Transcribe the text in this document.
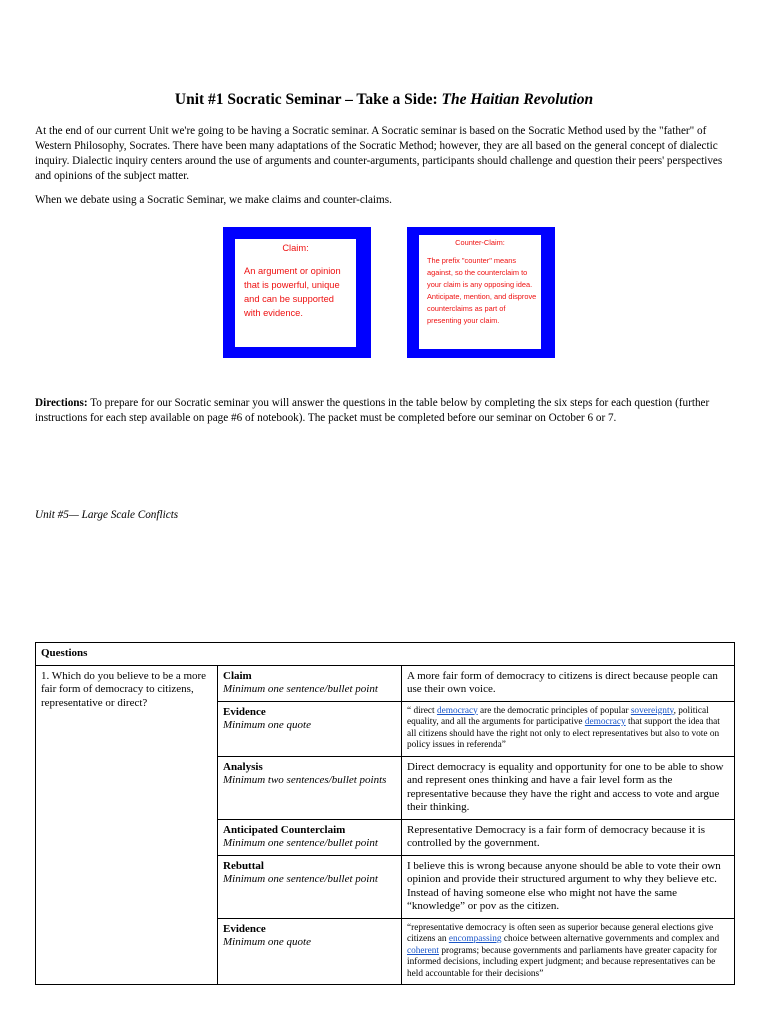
Unit #1 Socratic Seminar – Take a Side: The Haitian Revolution

At the end of our current Unit we're going to be having a Socratic seminar. A Socratic seminar is based on the Socratic Method used by the "father" of Western Philosophy, Socrates. There have been many adaptations of the Socratic Method; however, they are all based on the general concept of dialectic inquiry. Dialectic inquiry centers around the use of arguments and counter-arguments, participants should challenge and question their peers' perspectives and opinions of the subject matter.

When we debate using a Socratic Seminar, we make claims and counter-claims.

Claim:
An argument or opinion that is powerful, unique and can be supported with evidence.
Counter-Claim:
The prefix "counter" means against, so the counterclaim to your claim is any opposing idea. Anticipate, mention, and disprove counterclaims as part of presenting your claim.
Directions: To prepare for our Socratic seminar you will answer the questions in the table below by completing the six steps for each question (further instructions for each step available on page #6 of notebook). The packet must be completed before our seminar on October 6 or 7.
Unit #5— Large Scale Conflicts
Questions		
1. Which do you believe to be a more fair form of democracy to citizens, representative or direct?	Claim
Minimum one sentence/bullet point	A more fair form of democracy to citizens is direct because people can use their own voice.

	Evidence
Minimum one quote	“ direct democracy are the democratic principles of popular sovereignty, political equality, and all the arguments for participative democracy that support the idea that all citizens should have the right not only to elect representatives but also to vote on policy issues in referenda”

	Analysis
Minimum two sentences/bullet points	Direct democracy is equality and opportunity for one to be able to show and represent ones thinking and have a fair level form as the representative because they have the right and access to vote and argue their thinking.

	Anticipated Counterclaim
Minimum one sentence/bullet point	Representative Democracy is a fair form of democracy because it is controlled by the government.

	Rebuttal
Minimum one sentence/bullet point	I believe this is wrong because anyone should be able to vote their own opinion and provide their structured argument to why they believe etc. Instead of having someone else who might not have the same “knowledge” or pov as the citizen.

	Evidence
Minimum one quote	“representative democracy is often seen as superior because general elections give citizens an encompassing choice between alternative governments and complex and coherent programs; because governments and parliaments have greater capacity for informed decisions, including expert judgment; and because representatives can be held accountable for their decisions”
